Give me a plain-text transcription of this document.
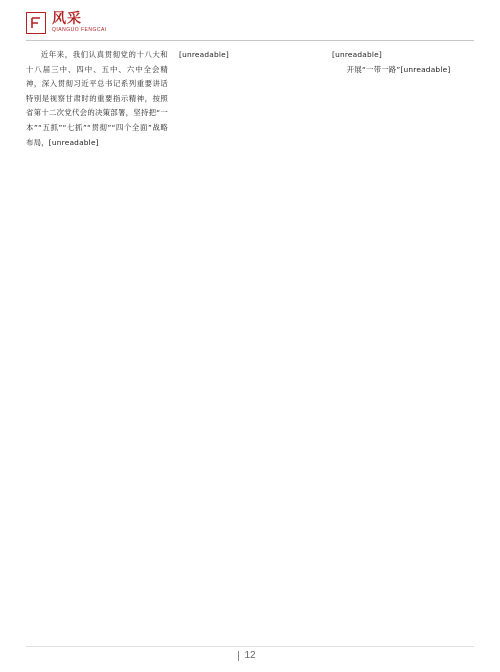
风采
QIANGUO FENGCAI

近年来，我们认真贯彻党的十八大和十八届三中、四中、五中、六中全会精神，深入贯彻习近平总书记系列重要讲话特别是视察甘肃时的重要指示精神，按照省第十二次党代会的决策部署，坚持把“一本”“五抓”“七抓”“贯彻”“四个全面”战略布局，[unreadable]

[unreadable]	[unreadable]

开展“一带一路”[unreadable]

12
